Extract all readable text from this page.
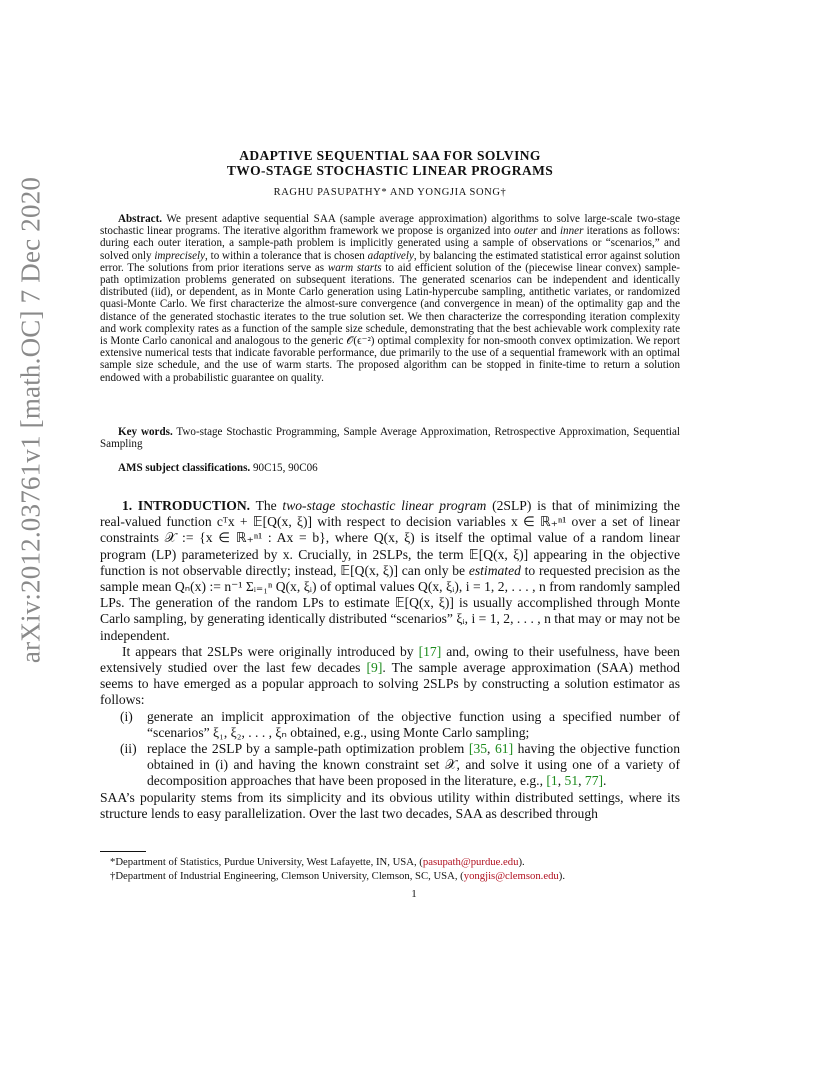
arXiv:2012.03761v1 [math.OC] 7 Dec 2020
ADAPTIVE SEQUENTIAL SAA FOR SOLVING
TWO-STAGE STOCHASTIC LINEAR PROGRAMS
RAGHU PASUPATHY* AND YONGJIA SONG†
Abstract. We present adaptive sequential SAA (sample average approximation) algorithms to solve large-scale two-stage stochastic linear programs. The iterative algorithm framework we propose is organized into outer and inner iterations as follows: during each outer iteration, a sample-path problem is implicitly generated using a sample of observations or “scenarios,” and solved only imprecisely, to within a tolerance that is chosen adaptively, by balancing the estimated statistical error against solution error. The solutions from prior iterations serve as warm starts to aid efficient solution of the (piecewise linear convex) sample-path optimization problems generated on subsequent iterations. The generated scenarios can be independent and identically distributed (iid), or dependent, as in Monte Carlo generation using Latin-hypercube sampling, antithetic variates, or randomized quasi-Monte Carlo. We first characterize the almost-sure convergence (and convergence in mean) of the optimality gap and the distance of the generated stochastic iterates to the true solution set. We then characterize the corresponding iteration complexity and work complexity rates as a function of the sample size schedule, demonstrating that the best achievable work complexity rate is Monte Carlo canonical and analogous to the generic 𝒪(ϵ⁻²) optimal complexity for non-smooth convex optimization. We report extensive numerical tests that indicate favorable performance, due primarily to the use of a sequential framework with an optimal sample size schedule, and the use of warm starts. The proposed algorithm can be stopped in finite-time to return a solution endowed with a probabilistic guarantee on quality.
Key words. Two-stage Stochastic Programming, Sample Average Approximation, Retrospective Approximation, Sequential Sampling
AMS subject classifications. 90C15, 90C06

1. INTRODUCTION. The two-stage stochastic linear program (2SLP) is that of minimizing the real-valued function cᵀx + 𝔼[Q(x, ξ)] with respect to decision variables x ∈ ℝ₊ⁿ¹ over a set of linear constraints 𝒳 := {x ∈ ℝ₊ⁿ¹ : Ax = b}, where Q(x, ξ) is itself the optimal value of a random linear program (LP) parameterized by x. Crucially, in 2SLPs, the term 𝔼[Q(x, ξ)] appearing in the objective function is not observable directly; instead, 𝔼[Q(x, ξ)] can only be estimated to requested precision as the sample mean Qₙ(x) := n⁻¹ Σᵢ₌₁ⁿ Q(x, ξᵢ) of optimal values Q(x, ξᵢ), i = 1, 2, . . . , n from randomly sampled LPs. The generation of the random LPs to estimate 𝔼[Q(x, ξ)] is usually accomplished through Monte Carlo sampling, by generating identically distributed “scenarios” ξᵢ, i = 1, 2, . . . , n that may or may not be independent.

It appears that 2SLPs were originally introduced by [17] and, owing to their usefulness, have been extensively studied over the last few decades [9]. The sample average approximation (SAA) method seems to have emerged as a popular approach to solving 2SLPs by constructing a solution estimator as follows:

(i) generate an implicit approximation of the objective function using a specified number of “scenarios” ξ₁, ξ₂, . . . , ξₙ obtained, e.g., using Monte Carlo sampling;
(ii) replace the 2SLP by a sample-path optimization problem [35, 61] having the objective function obtained in (i) and having the known constraint set 𝒳, and solve it using one of a variety of decomposition approaches that have been proposed in the literature, e.g., [1, 51, 77].

SAA’s popularity stems from its simplicity and its obvious utility within distributed settings, where its structure lends to easy parallelization. Over the last two decades, SAA as described through

*Department of Statistics, Purdue University, West Lafayette, IN, USA, (pasupath@purdue.edu).
†Department of Industrial Engineering, Clemson University, Clemson, SC, USA, (yongjis@clemson.edu).
1
